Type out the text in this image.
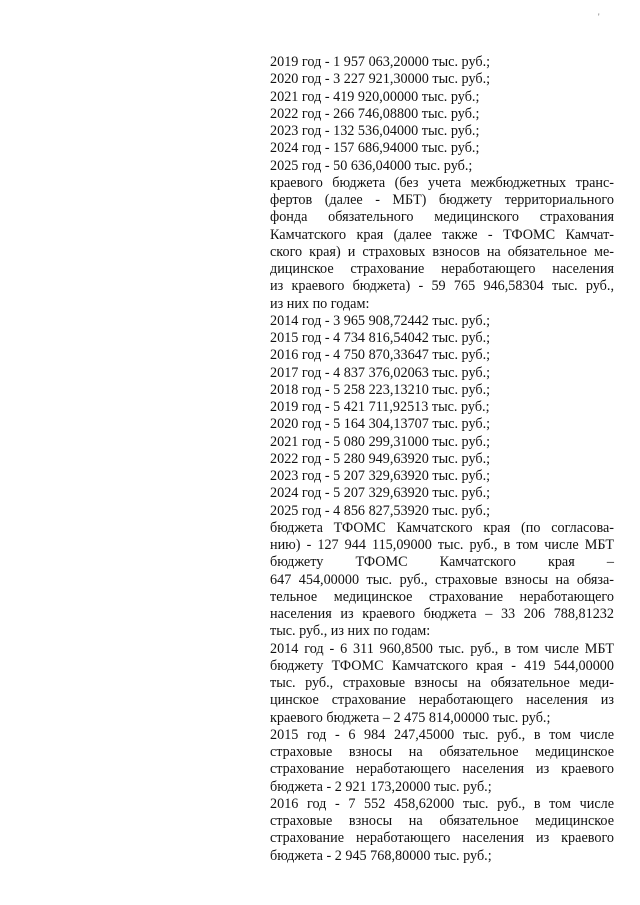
'

2019 год - 1 957 063,20000 тыс. руб.;

2020 год - 3 227 921,30000 тыс. руб.;

2021 год - 419 920,00000 тыс. руб.;

2022 год - 266 746,08800 тыс. руб.;

2023 год - 132 536,04000 тыс. руб.;

2024 год - 157 686,94000 тыс. руб.;

2025 год - 50 636,04000 тыс. руб.;

краевого бюджета (без учета межбюджетных транс-

фертов (далее - МБТ) бюджету территориального

фонда обязательного медицинского страхования

Камчатского края (далее также - ТФОМС Камчат-

ского края) и страховых взносов на обязательное ме-

дицинское страхование неработающего населения

из краевого бюджета) - 59 765 946,58304 тыс. руб.,

из них по годам:

2014 год - 3 965 908,72442 тыс. руб.;

2015 год - 4 734 816,54042 тыс. руб.;

2016 год - 4 750 870,33647 тыс. руб.;

2017 год - 4 837 376,02063 тыс. руб.;

2018 год - 5 258 223,13210 тыс. руб.;

2019 год - 5 421 711,92513 тыс. руб.;

2020 год - 5 164 304,13707 тыс. руб.;

2021 год - 5 080 299,31000 тыс. руб.;

2022 год - 5 280 949,63920 тыс. руб.;

2023 год - 5 207 329,63920 тыс. руб.;

2024 год - 5 207 329,63920 тыс. руб.;

2025 год - 4 856 827,53920 тыс. руб.;

бюджета ТФОМС Камчатского края (по согласова-

нию) - 127 944 115,09000 тыс. руб., в том числе МБТ

бюджету ТФОМС Камчатского края –

647 454,00000 тыс. руб., страховые взносы на обяза-

тельное медицинское страхование неработающего

населения из краевого бюджета – 33 206 788,81232

тыс. руб., из них по годам:

2014 год - 6 311 960,8500 тыс. руб., в том числе МБТ

бюджету ТФОМС Камчатского края - 419 544,00000

тыс. руб., страховые взносы на обязательное меди-

цинское страхование неработающего населения из

краевого бюджета – 2 475 814,00000 тыс. руб.;

2015 год - 6 984 247,45000 тыс. руб., в том числе

страховые взносы на обязательное медицинское

страхование неработающего населения из краевого

бюджета - 2 921 173,20000 тыс. руб.;

2016 год - 7 552 458,62000 тыс. руб., в том числе

страховые взносы на обязательное медицинское

страхование неработающего населения из краевого

бюджета - 2 945 768,80000 тыс. руб.;
